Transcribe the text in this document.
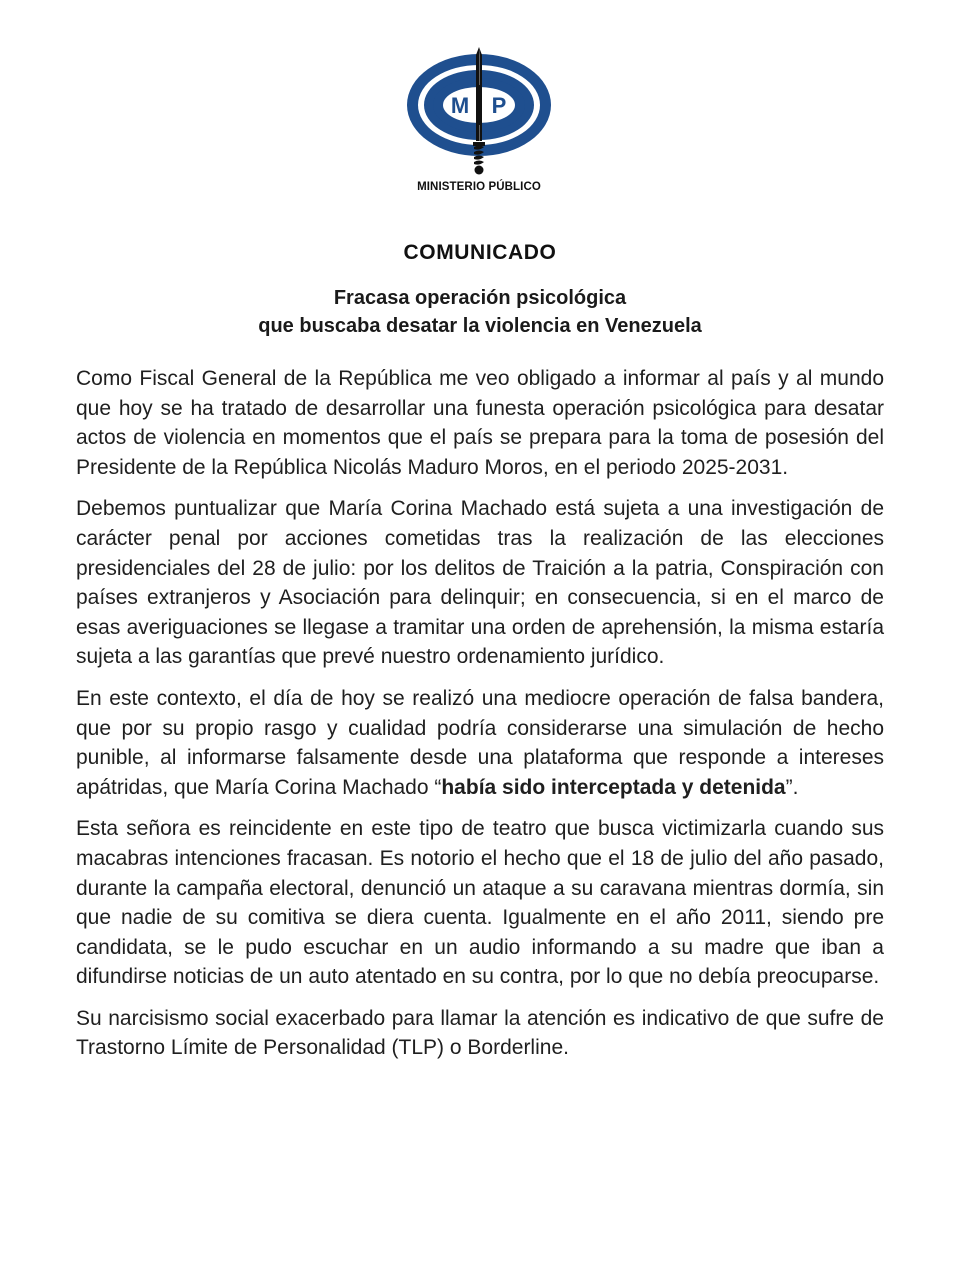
M P
MINISTERIO PÚBLICO
COMUNICADO
Fracasa operación psicológica
que buscaba desatar la violencia en Venezuela

Como Fiscal General de la República me veo obligado a informar al país y al mundo que hoy se ha tratado de desarrollar una funesta operación psicológica para desatar actos de violencia en momentos que el país se prepara para la toma de posesión del Presidente de la República Nicolás Maduro Moros, en el periodo 2025-2031.

Debemos puntualizar que María Corina Machado está sujeta a una investigación de carácter penal por acciones cometidas tras la realización de las elecciones presidenciales del 28 de julio: por los delitos de Traición a la patria, Conspiración con países extranjeros y Asociación para delinquir; en consecuencia, si en el marco de esas averiguaciones se llegase a tramitar una orden de aprehensión, la misma estaría sujeta a las garantías que prevé nuestro ordenamiento jurídico.

En este contexto, el día de hoy se realizó una mediocre operación de falsa bandera, que por su propio rasgo y cualidad podría considerarse una simulación de hecho punible, al informarse falsamente desde una plataforma que responde a intereses apátridas, que María Corina Machado “había sido interceptada y detenida”.

Esta señora es reincidente en este tipo de teatro que busca victimizarla cuando sus macabras intenciones fracasan. Es notorio el hecho que el 18 de julio del año pasado, durante la campaña electoral, denunció un ataque a su caravana mientras dormía, sin que nadie de su comitiva se diera cuenta. Igualmente en el año 2011, siendo pre candidata, se le pudo escuchar en un audio informando a su madre que iban a difundirse noticias de un auto atentado en su contra, por lo que no debía preocuparse.

Su narcisismo social exacerbado para llamar la atención es indicativo de que sufre de Trastorno Límite de Personalidad (TLP) o Borderline.
